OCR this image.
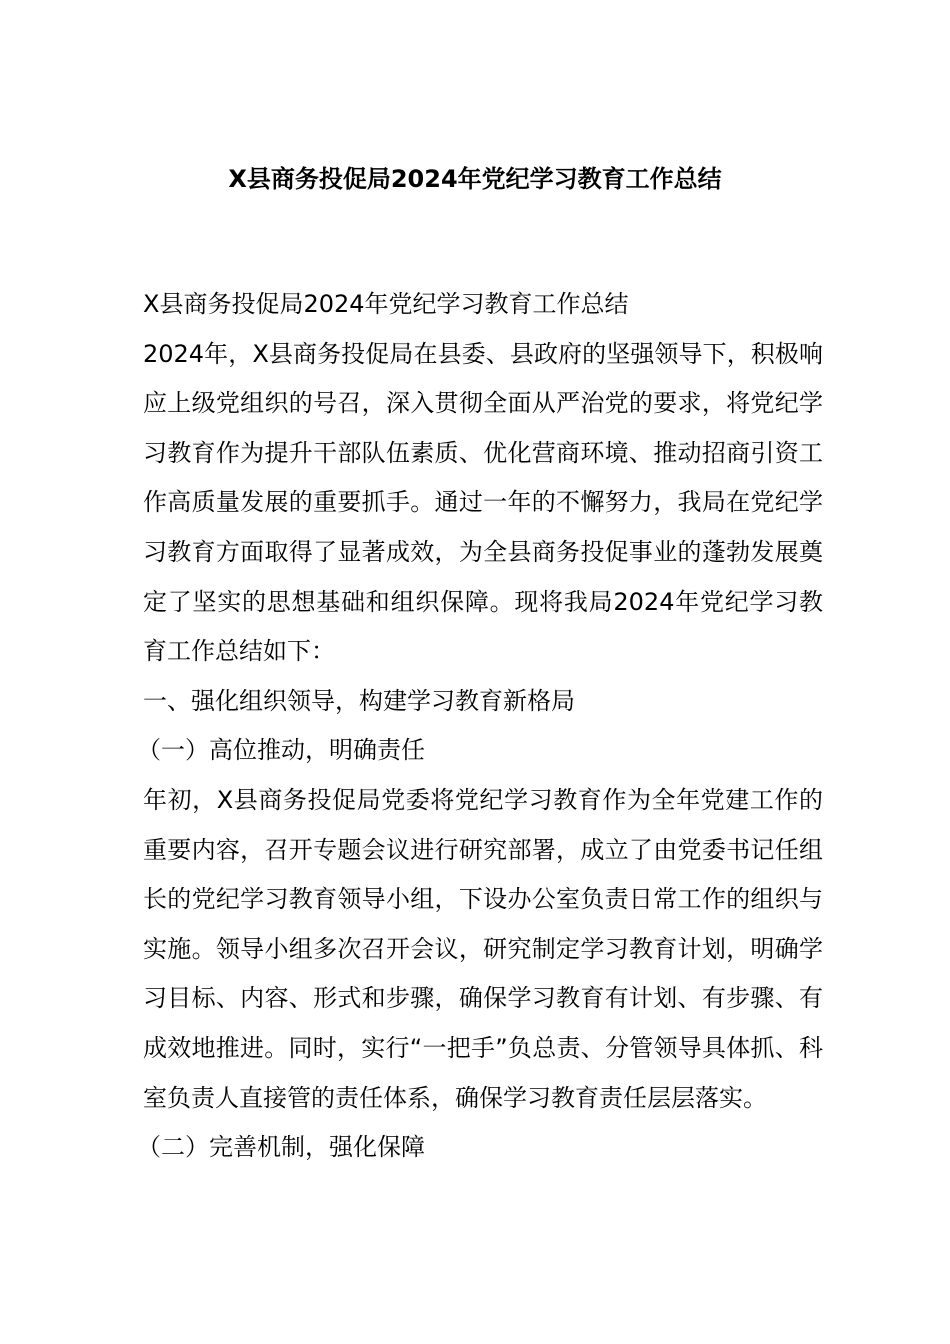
X县商务投促局2024年党纪学习教育工作总结

X县商务投促局2024年党纪学习教育工作总结

2024年，X县商务投促局在县委、县政府的坚强领导下，积极响应上级党组织的号召，深入贯彻全面从严治党的要求，将党纪学习教育作为提升干部队伍素质、优化营商环境、推动招商引资工作高质量发展的重要抓手。通过一年的不懈努力，我局在党纪学习教育方面取得了显著成效，为全县商务投促事业的蓬勃发展奠定了坚实的思想基础和组织保障。现将我局2024年党纪学习教育工作总结如下：

一、强化组织领导，构建学习教育新格局

（一）高位推动，明确责任

年初，X县商务投促局党委将党纪学习教育作为全年党建工作的重要内容，召开专题会议进行研究部署，成立了由党委书记任组长的党纪学习教育领导小组，下设办公室负责日常工作的组织与实施。领导小组多次召开会议，研究制定学习教育计划，明确学习目标、内容、形式和步骤，确保学习教育有计划、有步骤、有成效地推进。同时，实行“一把手”负总责、分管领导具体抓、科室负责人直接管的责任体系，确保学习教育责任层层落实。

（二）完善机制，强化保障
